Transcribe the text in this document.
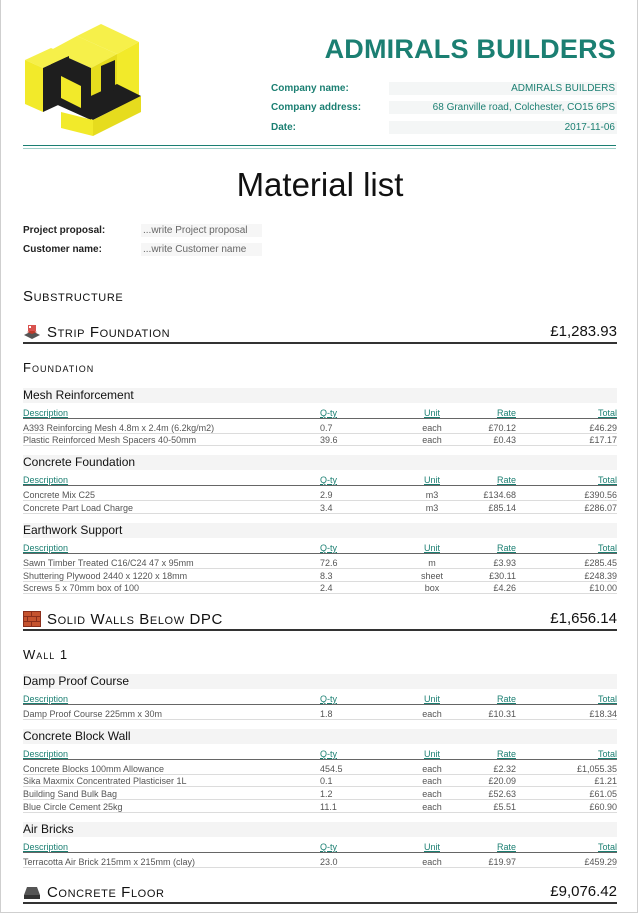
ADMIRALS BUILDERS
Company name:	ADMIRALS BUILDERS
Company address:	68 Granville road, Colchester, CO15 6PS
Date:	2017-11-06
Material list
Project proposal:	...write Project proposal
Customer name:	...write Customer name
Substructure
Strip Foundation	£1,283.93
Foundation
Mesh Reinforcement
Description	Q-ty	Unit	Rate	Total
A393 Reinforcing Mesh 4.8m x 2.4m (6.2kg/m2)	0.7	each	£70.12	£46.29
Plastic Reinforced Mesh Spacers 40-50mm	39.6	each	£0.43	£17.17
Concrete Foundation
Description	Q-ty	Unit	Rate	Total
Concrete Mix C25	2.9	m3	£134.68	£390.56
Concrete Part Load Charge	3.4	m3	£85.14	£286.07
Earthwork Support
Description	Q-ty	Unit	Rate	Total
Sawn Timber Treated C16/C24 47 x 95mm	72.6	m	£3.93	£285.45
Shuttering Plywood 2440 x 1220 x 18mm	8.3	sheet	£30.11	£248.39
Screws 5 x 70mm box of 100	2.4	box	£4.26	£10.00
Solid Walls Below DPC	£1,656.14
Wall 1
Damp Proof Course
Description	Q-ty	Unit	Rate	Total
Damp Proof Course 225mm x 30m	1.8	each	£10.31	£18.34
Concrete Block Wall
Description	Q-ty	Unit	Rate	Total
Concrete Blocks 100mm Allowance	454.5	each	£2.32	£1,055.35
Sika Maxmix Concentrated Plasticiser 1L	0.1	each	£20.09	£1.21
Building Sand Bulk Bag	1.2	each	£52.63	£61.05
Blue Circle Cement 25kg	11.1	each	£5.51	£60.90
Air Bricks
Description	Q-ty	Unit	Rate	Total
Terracotta Air Brick 215mm x 215mm (clay)	23.0	each	£19.97	£459.29
Concrete Floor	£9,076.42
